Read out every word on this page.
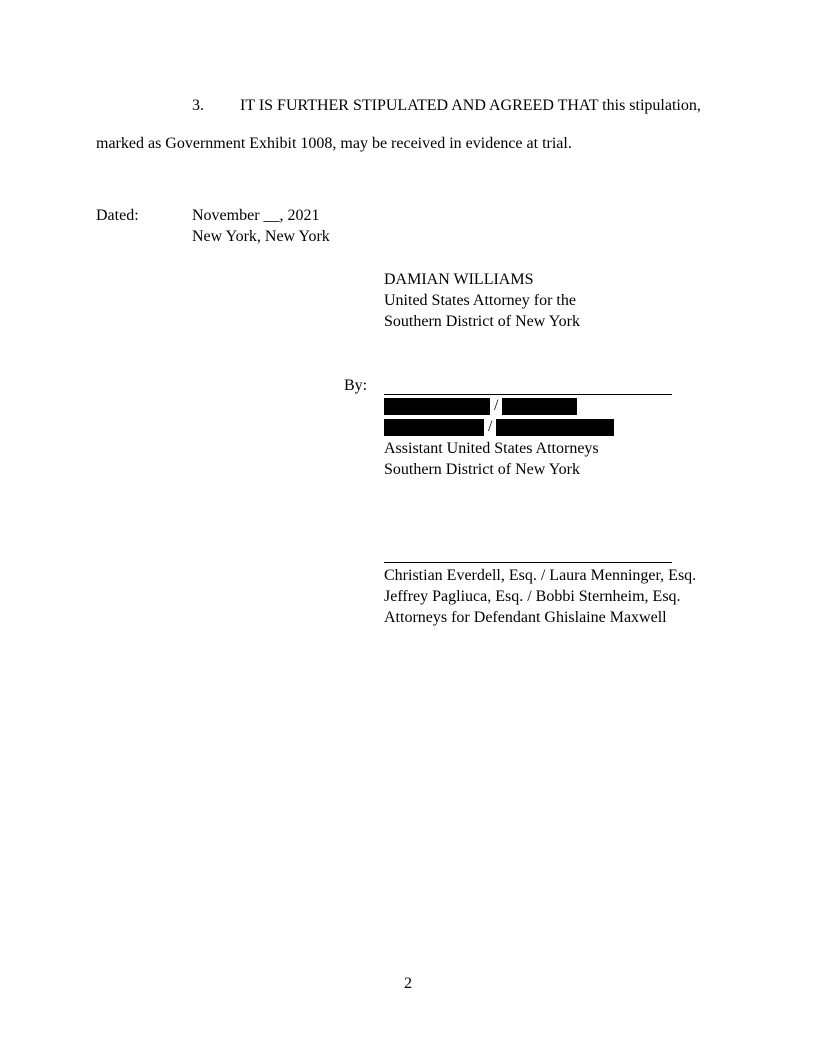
3. IT IS FURTHER STIPULATED AND AGREED THAT this stipulation,
marked as Government Exhibit 1008, may be received in evidence at trial.
Dated:	November __, 2021
New York, New York
DAMIAN WILLIAMS
United States Attorney for the
Southern District of New York
By:
/
/
Assistant United States Attorneys
Southern District of New York
Christian Everdell, Esq. / Laura Menninger, Esq.
Jeffrey Pagliuca, Esq. / Bobbi Sternheim, Esq.
Attorneys for Defendant Ghislaine Maxwell
2
